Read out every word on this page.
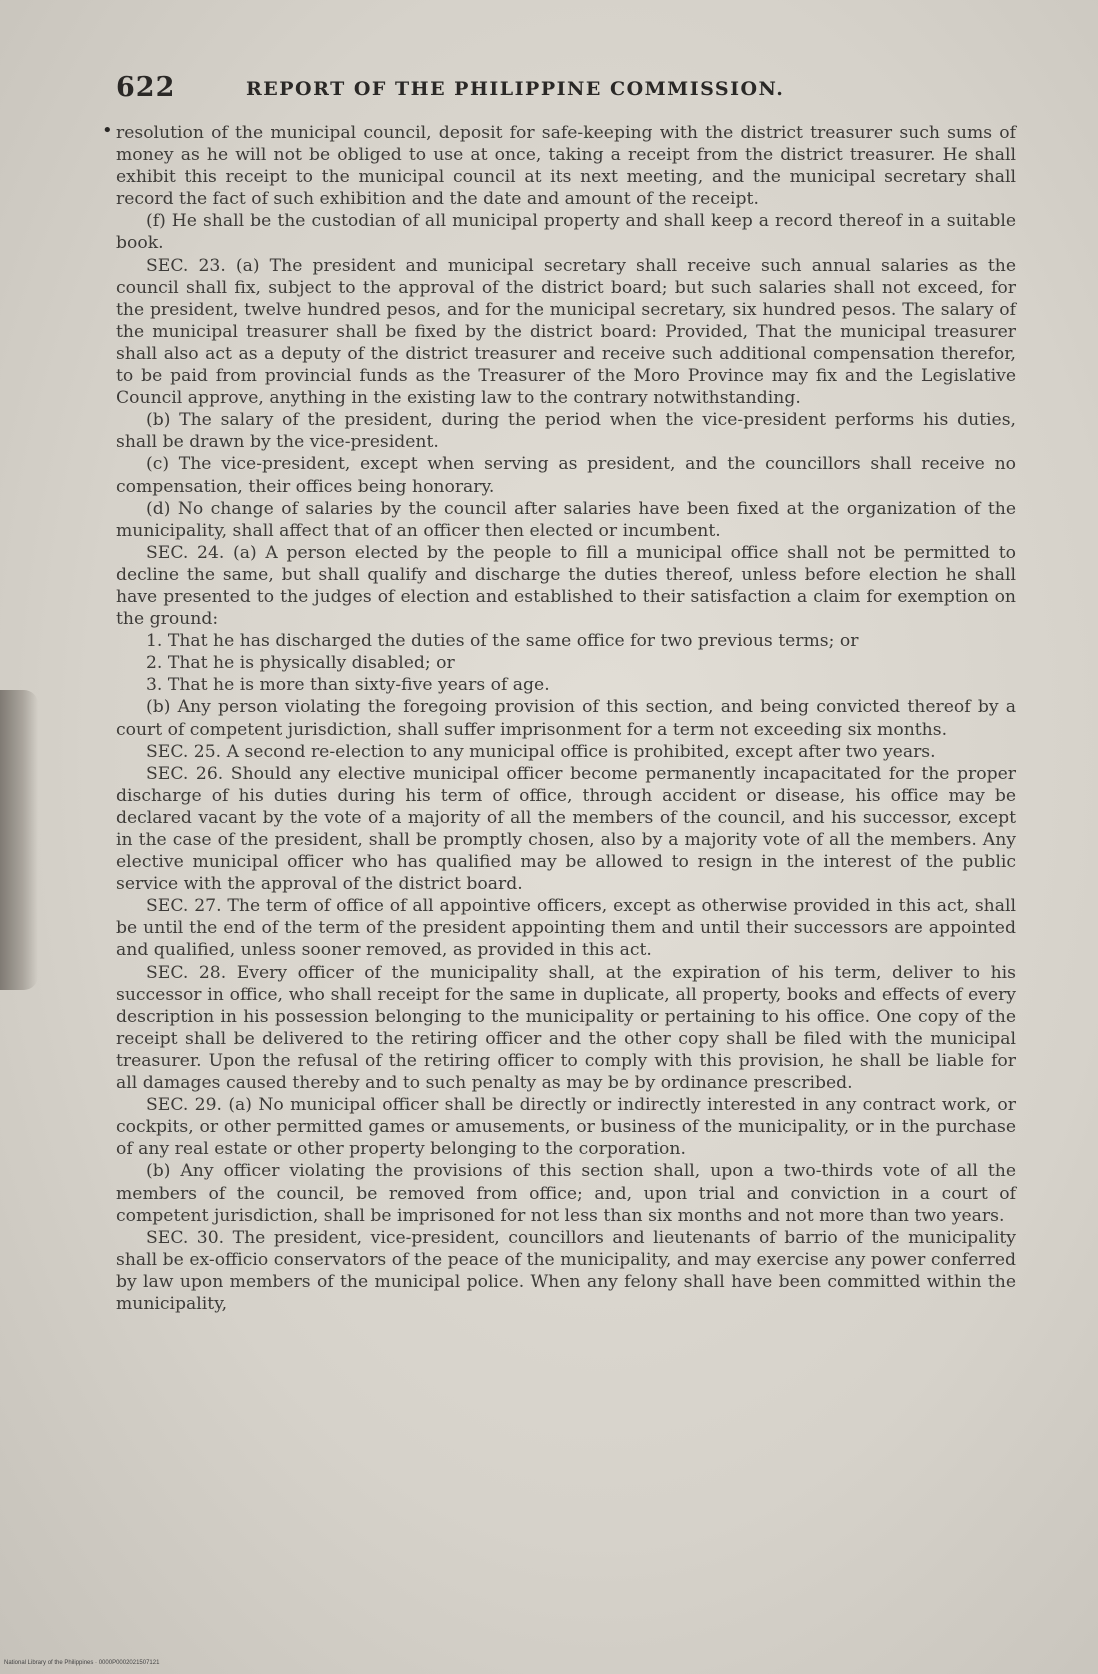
622	REPORT OF THE PHILIPPINE COMMISSION.
• resolution of the municipal council, deposit for safe-keeping with the district treasurer such sums of money as he will not be obliged to use at once, taking a receipt from the district treasurer. He shall exhibit this receipt to the municipal council at its next meeting, and the municipal secretary shall record the fact of such exhibition and the date and amount of the receipt.

(f) He shall be the custodian of all municipal property and shall keep a record thereof in a suitable book.

SEC. 23. (a) The president and municipal secretary shall receive such annual salaries as the council shall fix, subject to the approval of the district board; but such salaries shall not exceed, for the president, twelve hundred pesos, and for the municipal secretary, six hundred pesos. The salary of the municipal treasurer shall be fixed by the district board: Provided, That the municipal treasurer shall also act as a deputy of the district treasurer and receive such additional compensation therefor, to be paid from provincial funds as the Treasurer of the Moro Province may fix and the Legislative Council approve, anything in the existing law to the contrary notwithstanding.

(b) The salary of the president, during the period when the vice-president performs his duties, shall be drawn by the vice-president.

(c) The vice-president, except when serving as president, and the councillors shall receive no compensation, their offices being honorary.

(d) No change of salaries by the council after salaries have been fixed at the organization of the municipality, shall affect that of an officer then elected or incumbent.

SEC. 24. (a) A person elected by the people to fill a municipal office shall not be permitted to decline the same, but shall qualify and discharge the duties thereof, unless before election he shall have presented to the judges of election and established to their satisfaction a claim for exemption on the ground:

1. That he has discharged the duties of the same office for two previous terms; or

2. That he is physically disabled; or

3. That he is more than sixty-five years of age.

(b) Any person violating the foregoing provision of this section, and being convicted thereof by a court of competent jurisdiction, shall suffer imprisonment for a term not exceeding six months.

SEC. 25. A second re-election to any municipal office is prohibited, except after two years.

SEC. 26. Should any elective municipal officer become permanently incapacitated for the proper discharge of his duties during his term of office, through accident or disease, his office may be declared vacant by the vote of a majority of all the members of the council, and his successor, except in the case of the president, shall be promptly chosen, also by a majority vote of all the members. Any elective municipal officer who has qualified may be allowed to resign in the interest of the public service with the approval of the district board.

SEC. 27. The term of office of all appointive officers, except as otherwise provided in this act, shall be until the end of the term of the president appointing them and until their successors are appointed and qualified, unless sooner removed, as provided in this act.

SEC. 28. Every officer of the municipality shall, at the expiration of his term, deliver to his successor in office, who shall receipt for the same in duplicate, all property, books and effects of every description in his possession belonging to the municipality or pertaining to his office. One copy of the receipt shall be delivered to the retiring officer and the other copy shall be filed with the municipal treasurer. Upon the refusal of the retiring officer to comply with this provision, he shall be liable for all damages caused thereby and to such penalty as may be by ordinance prescribed.

SEC. 29. (a) No municipal officer shall be directly or indirectly interested in any contract work, or cockpits, or other permitted games or amusements, or business of the municipality, or in the purchase of any real estate or other property belonging to the corporation.

(b) Any officer violating the provisions of this section shall, upon a two-thirds vote of all the members of the council, be removed from office; and, upon trial and conviction in a court of competent jurisdiction, shall be imprisoned for not less than six months and not more than two years.

SEC. 30. The president, vice-president, councillors and lieutenants of barrio of the municipality shall be ex-officio conservators of the peace of the municipality, and may exercise any power conferred by law upon members of the municipal police. When any felony shall have been committed within the municipality,

National Library of the Philippines · 0000P0002021507121
